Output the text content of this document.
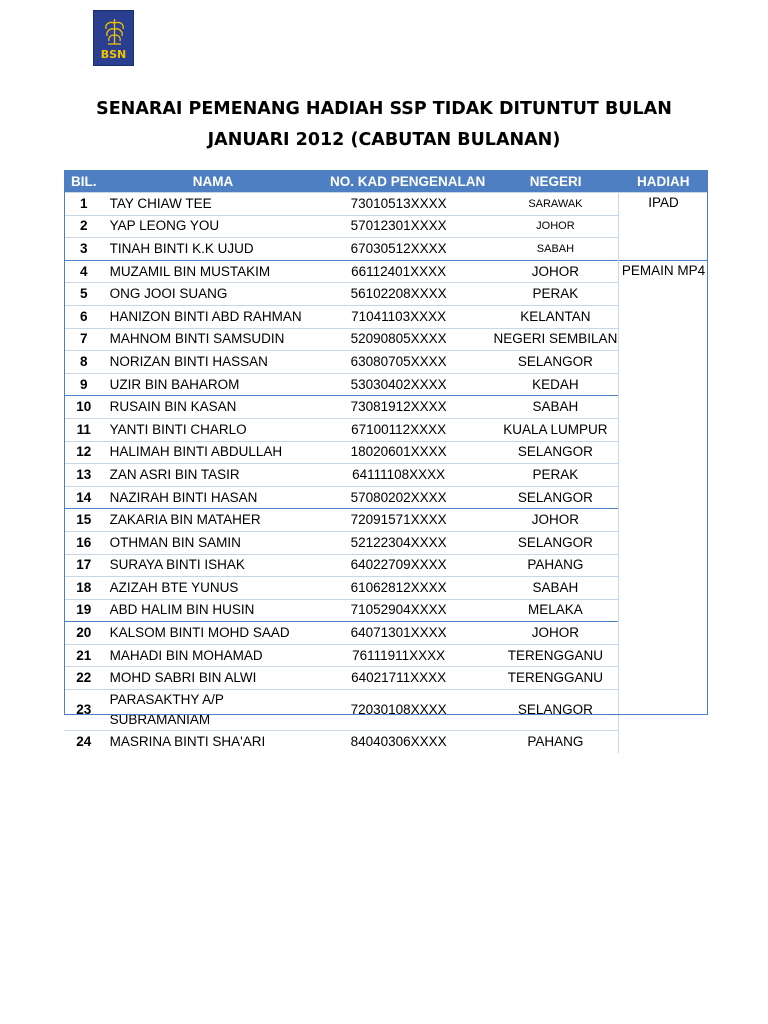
BSN
SENARAI PEMENANG HADIAH SSP TIDAK DITUNTUT BULAN
JANUARI 2012 (CABUTAN BULANAN)
BIL.	NAMA	NO. KAD PENGENALAN	NEGERI	HADIAH
1	TAY CHIAW TEE	73010513XXXX	SARAWAK	IPAD
2	YAP LEONG YOU	57012301XXXX	JOHOR	
3	TINAH BINTI K.K UJUD	67030512XXXX	SABAH	
4	MUZAMIL BIN MUSTAKIM	66112401XXXX	JOHOR	PEMAIN MP4
5	ONG JOOI SUANG	56102208XXXX	PERAK	
6	HANIZON BINTI ABD RAHMAN	71041103XXXX	KELANTAN	
7	MAHNOM BINTI SAMSUDIN	52090805XXXX	NEGERI SEMBILAN	
8	NORIZAN BINTI HASSAN	63080705XXXX	SELANGOR	
9	UZIR BIN BAHAROM	53030402XXXX	KEDAH	
10	RUSAIN BIN KASAN	73081912XXXX	SABAH	
11	YANTI BINTI CHARLO	67100112XXXX	KUALA LUMPUR	
12	HALIMAH BINTI ABDULLAH	18020601XXXX	SELANGOR	
13	ZAN ASRI BIN TASIR	64111108XXXX	PERAK	
14	NAZIRAH BINTI HASAN	57080202XXXX	SELANGOR	
15	ZAKARIA BIN MATAHER	72091571XXXX	JOHOR	
16	OTHMAN BIN SAMIN	52122304XXXX	SELANGOR	
17	SURAYA BINTI ISHAK	64022709XXXX	PAHANG	
18	AZIZAH BTE YUNUS	61062812XXXX	SABAH	
19	ABD HALIM BIN HUSIN	71052904XXXX	MELAKA	
20	KALSOM BINTI MOHD SAAD	64071301XXXX	JOHOR	
21	MAHADI BIN MOHAMAD	76111911XXXX	TERENGGANU	
22	MOHD SABRI BIN ALWI	64021711XXXX	TERENGGANU	
23	PARASAKTHY A/P SUBRAMANIAM	72030108XXXX	SELANGOR	
24	MASRINA BINTI SHA'ARI	84040306XXXX	PAHANG	
